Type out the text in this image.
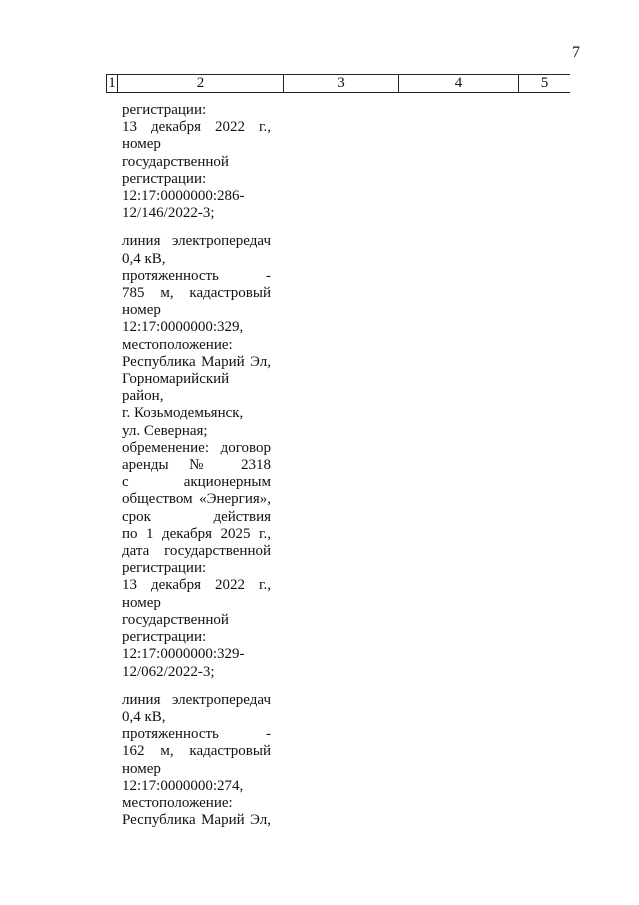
7
1	2	3	4	5
регистрации:
13 декабря 2022 г.,
номер
государственной
регистрации:
12:17:0000000:286-
12/146/2022-3;
линия электропередач
0,4 кВ,
протяженность -
785 м, кадастровый
номер
12:17:0000000:329,
местоположение:
Республика Марий Эл,
Горномарийский
район,
г. Козьмодемьянск,
ул. Северная;
обременение: договор
аренды № 2318
с акционерным
обществом «Энергия»,
срок действия
по 1 декабря 2025 г.,
дата государственной
регистрации:
13 декабря 2022 г.,
номер
государственной
регистрации:
12:17:0000000:329-
12/062/2022-3;
линия электропередач
0,4 кВ,
протяженность -
162 м, кадастровый
номер
12:17:0000000:274,
местоположение:
Республика Марий Эл,
